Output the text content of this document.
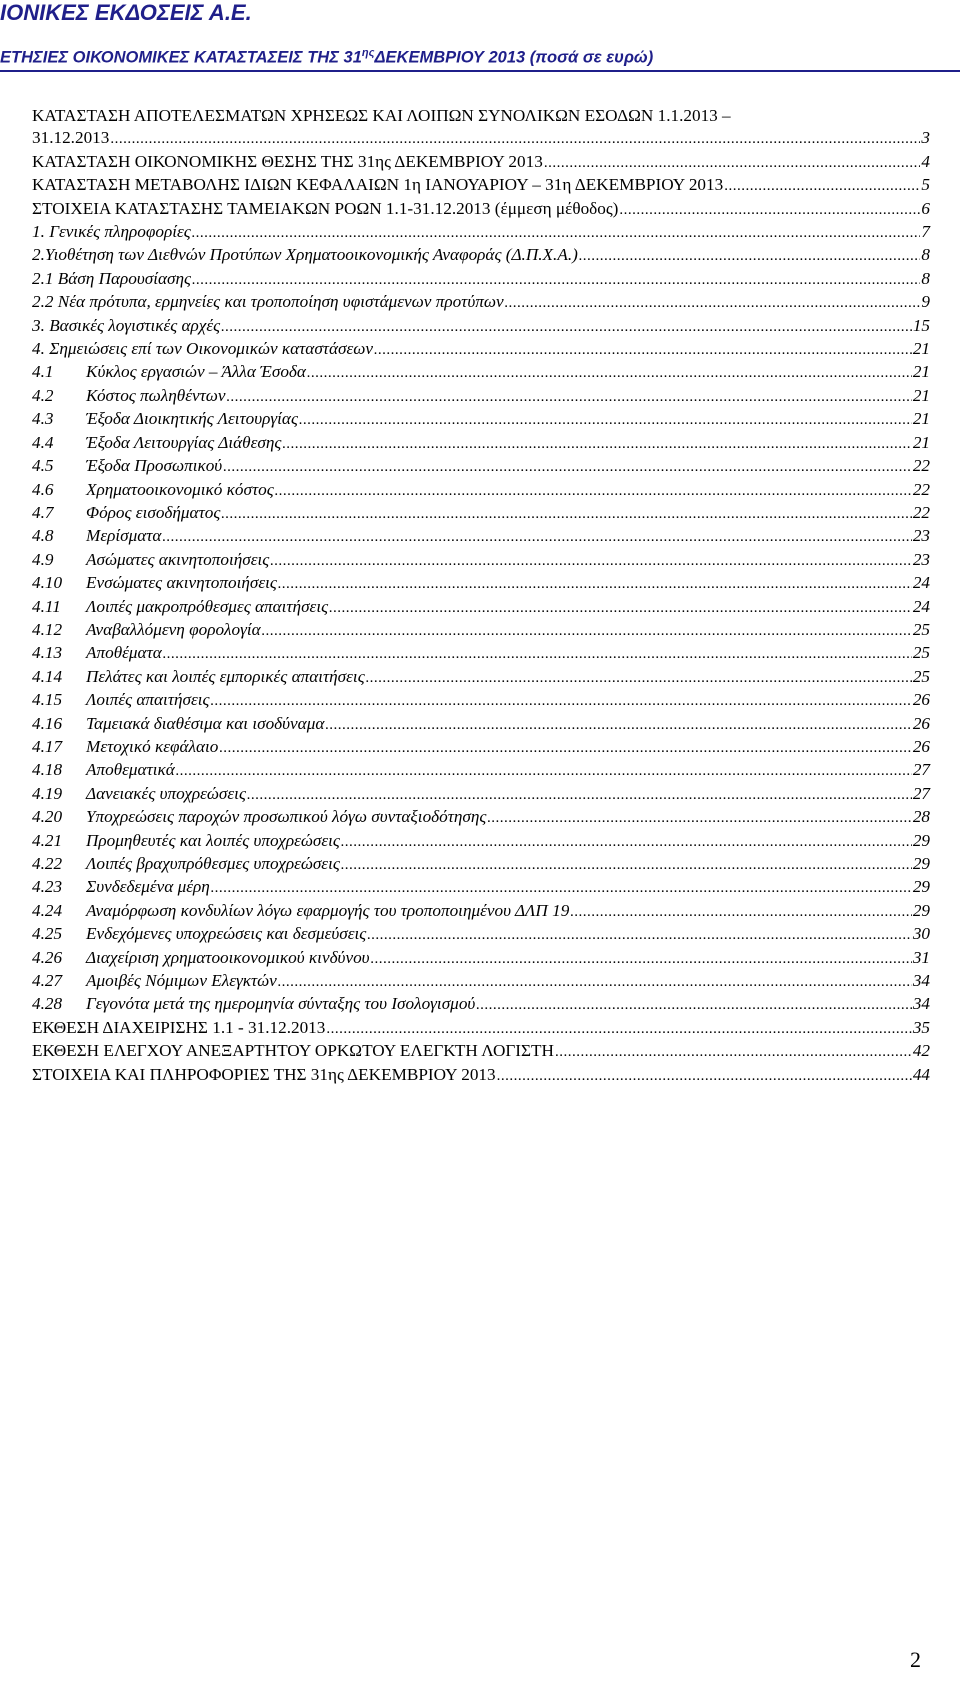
ΙΟΝΙΚΕΣ ΕΚΔΟΣΕΙΣ Α.Ε.
ΕΤΗΣΙΕΣ ΟΙΚΟΝΟΜΙΚΕΣ ΚΑΤΑΣΤΑΣΕΙΣ ΤΗΣ $31^{\eta\varsigma}\Delta EKEMBPIO\Upsilon$ 2013 (ποσά σε ευρώ)
ΚΑΤΑΣΤΑΣΗ ΑΠΟΤΕΛΕΣΜΑΤΩΝ ΧΡΗΣΕΩΣ ΚΑΙ ΛΟΙΠΩΝ ΣΥΝΟΛΙΚΩΝ ΕΣΟΔΩΝ 1.1.2013 –
31.12.2013 .....	3
ΚΑΤΑΣΤΑΣΗ ΟΙΚΟΝΟΜΙΚΗΣ ΘΕΣΗΣ ΤΗΣ 31ης ΔΕΚΕΜΒΡΙΟΥ 2013 .....	4
ΚΑΤΑΣΤΑΣΗ ΜΕΤΑΒΟΛΗΣ ΙΔΙΩΝ ΚΕΦΑΛΑΙΩΝ 1η ΙΑΝΟΥΑΡΙΟΥ – 31η ΔΕΚΕΜΒΡΙΟΥ 2013 .....	5
ΣΤΟΙΧΕΙΑ ΚΑΤΑΣΤΑΣΗΣ ΤΑΜΕΙΑΚΩΝ ΡΟΩΝ 1.1-31.12.2013 (έμμεση μέθοδος) .....	6
1. Γενικές πληροφορίες .....	7
2.Υιοθέτηση των Διεθνών Προτύπων Χρηματοοικονομικής Αναφοράς (Δ.Π.Χ.Α.) .....	8
2.1 Βάση Παρουσίασης .....	8
2.2 Νέα πρότυπα, ερμηνείες και τροποποίηση υφιστάμενων προτύπων .....	9
3. Βασικές λογιστικές αρχές .....	15
4. Σημειώσεις επί των Οικονομικών καταστάσεων .....	21
4.1 Κύκλος εργασιών – Άλλα Έσοδα .....	21
4.2 Κόστος πωληθέντων .....	21
4.3 Έξοδα Διοικητικής Λειτουργίας .....	21
4.4 Έξοδα Λειτουργίας Διάθεσης .....	21
4.5 Έξοδα Προσωπικού .....	22
4.6 Χρηματοοικονομικό κόστος .....	22
4.7 Φόρος εισοδήματος .....	22
4.8 Μερίσματα .....	23
4.9 Ασώματες ακινητοποιήσεις .....	23
4.10 Ενσώματες ακινητοποιήσεις .....	24
4.11 Λοιπές μακροπρόθεσμες απαιτήσεις .....	24
4.12 Αναβαλλόμενη φορολογία .....	25
4.13 Αποθέματα .....	25
4.14 Πελάτες και λοιπές εμπορικές απαιτήσεις .....	25
4.15 Λοιπές απαιτήσεις .....	26
4.16 Ταμειακά διαθέσιμα και ισοδύναμα .....	26
4.17 Μετοχικό κεφάλαιο .....	26
4.18 Αποθεματικά .....	27
4.19 Δανειακές υποχρεώσεις .....	27
4.20 Υποχρεώσεις παροχών προσωπικού λόγω συνταξιοδότησης .....	28
4.21 Προμηθευτές και λοιπές υποχρεώσεις .....	29
4.22 Λοιπές βραχυπρόθεσμες υποχρεώσεις .....	29
4.23 Συνδεδεμένα μέρη .....	29
4.24 Αναμόρφωση κονδυλίων λόγω εφαρμογής του τροποποιημένου ΔΛΠ 19 .....	29
4.25 Ενδεχόμενες υποχρεώσεις και δεσμεύσεις .....	30
4.26 Διαχείριση χρηματοοικονομικού κινδύνου .....	31
4.27 Αμοιβές Νόμιμων Ελεγκτών .....	34
4.28 Γεγονότα μετά της ημερομηνία σύνταξης του Ισολογισμού .....	34
ΕΚΘΕΣΗ ΔΙΑΧΕΙΡΙΣΗΣ 1.1 - 31.12.2013 .....	35
ΕΚΘΕΣΗ ΕΛΕΓΧΟΥ ΑΝΕΞΑΡΤΗΤΟΥ ΟΡΚΩΤΟΥ ΕΛΕΓΚΤΗ ΛΟΓΙΣΤΗ .....	42
ΣΤΟΙΧΕΙΑ ΚΑΙ ΠΛΗΡΟΦΟΡΙΕΣ ΤΗΣ 31ης ΔΕΚΕΜΒΡΙΟΥ 2013 .....	44
2
